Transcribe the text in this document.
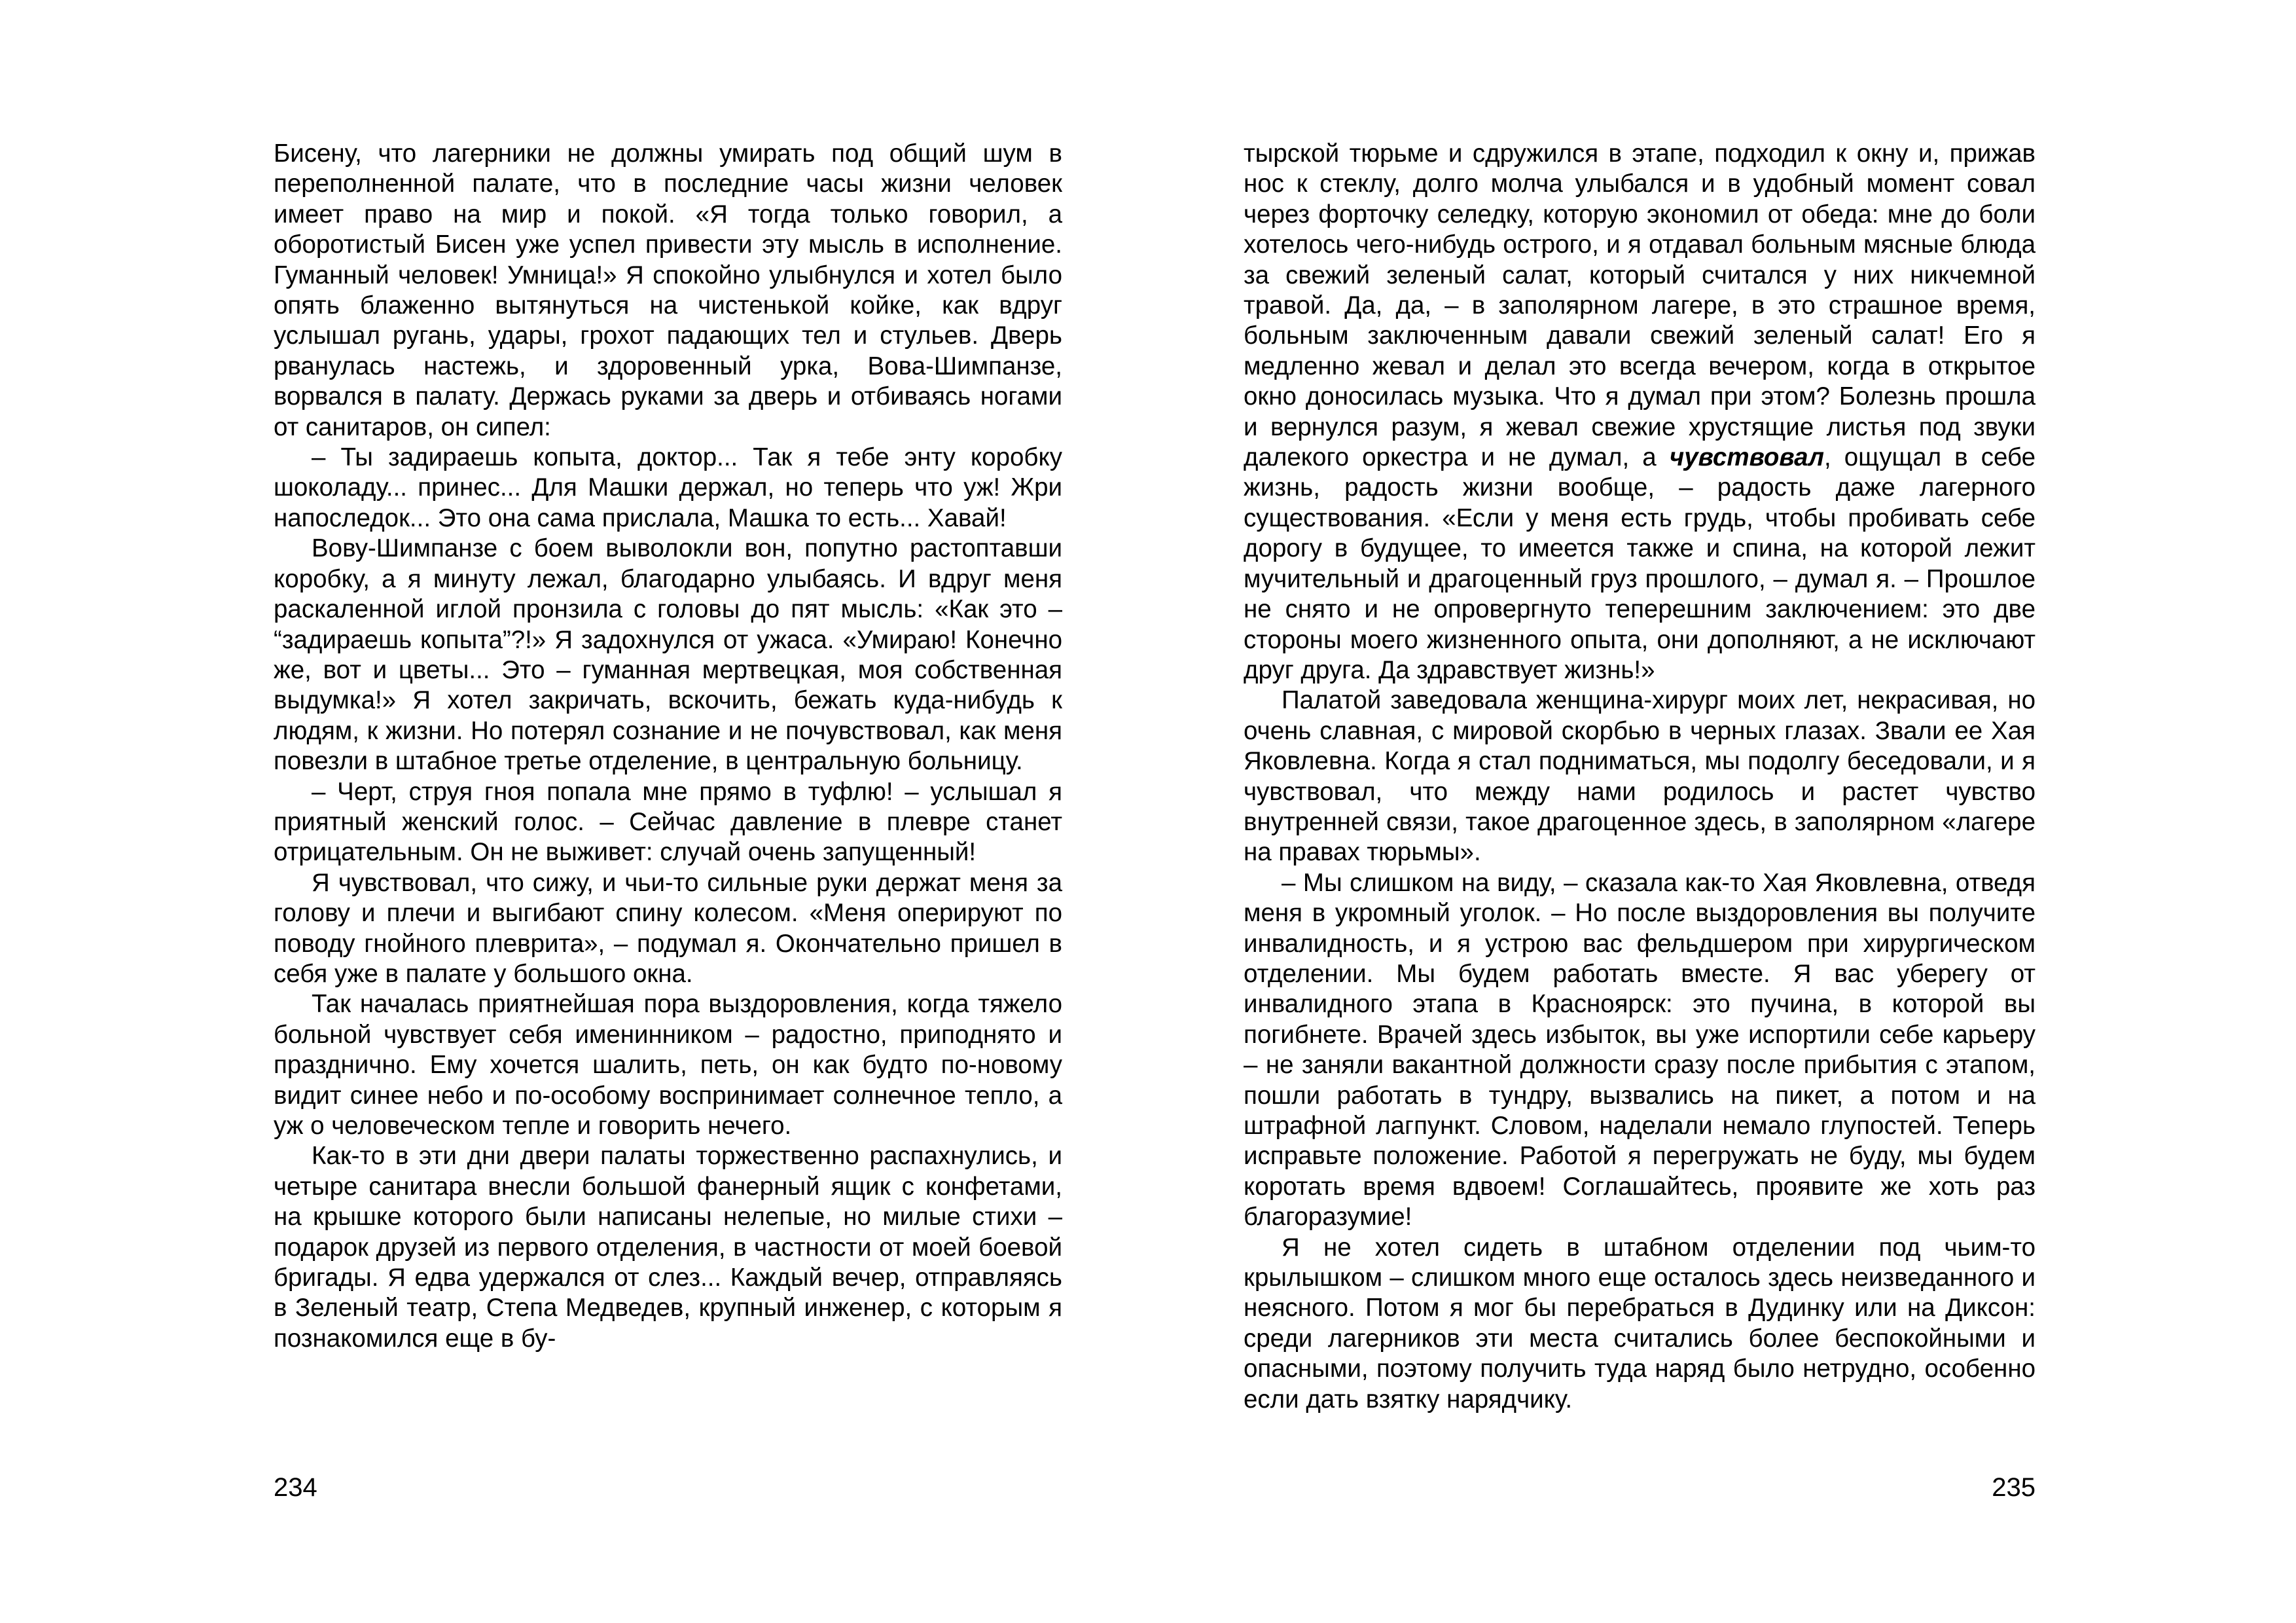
Бисену, что лагерники не должны умирать под общий шум в переполненной палате, что в последние часы жизни человек имеет право на мир и покой. «Я тогда только говорил, а оборотистый Бисен уже успел привести эту мысль в исполнение. Гуманный человек! Умница!» Я спокойно улыбнулся и хотел было опять блаженно вытянуться на чистенькой койке, как вдруг услышал ругань, удары, грохот падающих тел и стульев. Дверь рванулась настежь, и здоровенный урка, Вова-Шимпанзе, ворвался в палату. Держась руками за дверь и отбиваясь ногами от санитаров, он сипел:

– Ты задираешь копыта, доктор... Так я тебе энту коробку шоколаду... принес... Для Машки держал, но теперь что уж! Жри напоследок... Это она сама прислала, Машка то есть... Хавай!

Вову-Шимпанзе с боем выволокли вон, попутно растоптавши коробку, а я минуту лежал, благодарно улыбаясь. И вдруг меня раскаленной иглой пронзила с головы до пят мысль: «Как это – “задираешь копыта”?!» Я задохнулся от ужаса. «Умираю! Конечно же, вот и цветы... Это – гуманная мертвецкая, моя собственная выдумка!» Я хотел закричать, вскочить, бежать куда-нибудь к людям, к жизни. Но потерял сознание и не почувствовал, как меня повезли в штабное третье отделение, в центральную больницу.

– Черт, струя гноя попала мне прямо в туфлю! – услышал я приятный женский голос. – Сейчас давление в плевре станет отрицательным. Он не выживет: случай очень запущенный!

Я чувствовал, что сижу, и чьи-то сильные руки держат меня за голову и плечи и выгибают спину колесом. «Меня оперируют по поводу гнойного плеврита», – подумал я. Окончательно пришел в себя уже в палате у большого окна.

Так началась приятнейшая пора выздоровления, когда тяжело больной чувствует себя именинником – радостно, приподнято и празднично. Ему хочется шалить, петь, он как будто по-новому видит синее небо и по-особому воспринимает солнечное тепло, а уж о человеческом тепле и говорить нечего.

Как-то в эти дни двери палаты торжественно распахнулись, и четыре санитара внесли большой фанерный ящик с конфетами, на крышке которого были написаны нелепые, но милые стихи – подарок друзей из первого отделения, в частности от моей боевой бригады. Я едва удержался от слез... Каждый вечер, отправляясь в Зеленый театр, Степа Медведев, крупный инженер, с которым я познакомился еще в бу-

234

тырской тюрьме и сдружился в этапе, подходил к окну и, прижав нос к стеклу, долго молча улыбался и в удобный момент совал через форточку селедку, которую экономил от обеда: мне до боли хотелось чего-нибудь острого, и я отдавал больным мясные блюда за свежий зеленый салат, который считался у них никчемной травой. Да, да, – в заполярном лагере, в это страшное время, больным заключенным давали свежий зеленый салат! Его я медленно жевал и делал это всегда вечером, когда в открытое окно доносилась музыка. Что я думал при этом? Болезнь прошла и вернулся разум, я жевал свежие хрустящие листья под звуки далекого оркестра и не думал, а чувствовал, ощущал в себе жизнь, радость жизни вообще, – радость даже лагерного существования. «Если у меня есть грудь, чтобы пробивать себе дорогу в будущее, то имеется также и спина, на которой лежит мучительный и драгоценный груз прошлого, – думал я. – Прошлое не снято и не опровергнуто теперешним заключением: это две стороны моего жизненного опыта, они дополняют, а не исключают друг друга. Да здравствует жизнь!»

Палатой заведовала женщина-хирург моих лет, некрасивая, но очень славная, с мировой скорбью в черных глазах. Звали ее Хая Яковлевна. Когда я стал подниматься, мы подолгу беседовали, и я чувствовал, что между нами родилось и растет чувство внутренней связи, такое драгоценное здесь, в заполярном «лагере на правах тюрьмы».

– Мы слишком на виду, – сказала как-то Хая Яковлевна, отведя меня в укромный уголок. – Но после выздоровления вы получите инвалидность, и я устрою вас фельдшером при хирургическом отделении. Мы будем работать вместе. Я вас уберегу от инвалидного этапа в Красноярск: это пучина, в которой вы погибнете. Врачей здесь избыток, вы уже испортили себе карьеру – не заняли вакантной должности сразу после прибытия с этапом, пошли работать в тундру, вызвались на пикет, а потом и на штрафной лагпункт. Словом, наделали немало глупостей. Теперь исправьте положение. Работой я перегружать не буду, мы будем коротать время вдвоем! Соглашайтесь, проявите же хоть раз благоразумие!

Я не хотел сидеть в штабном отделении под чьим-то крылышком – слишком много еще осталось здесь неизведанного и неясного. Потом я мог бы перебраться в Дудинку или на Диксон: среди лагерников эти места считались более беспокойными и опасными, поэтому получить туда наряд было нетрудно, особенно если дать взятку нарядчику.

235
